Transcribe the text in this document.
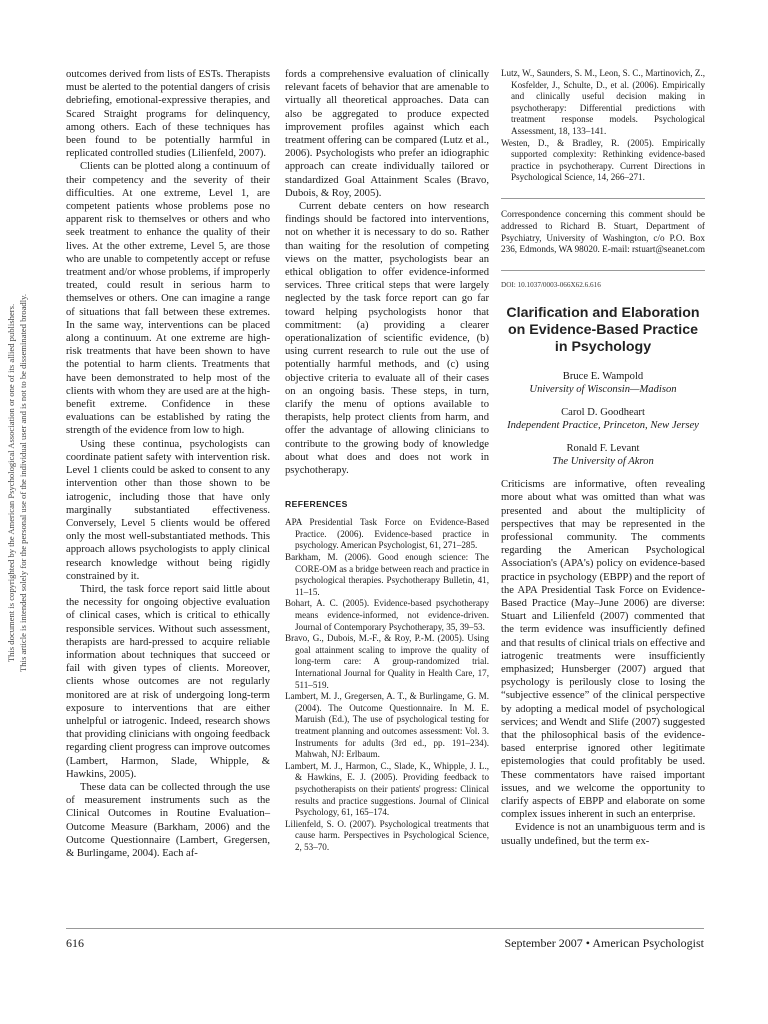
This document is copyrighted by the American Psychological Association or one of its allied publishers. This article is intended solely for the personal use of the individual user and is not to be disseminated broadly.

outcomes derived from lists of ESTs. Therapists must be alerted to the potential dangers of crisis debriefing, emotional-expressive therapies, and Scared Straight programs for delinquency, among others. Each of these techniques has been found to be potentially harmful in replicated controlled studies (Lilienfeld, 2007).

Clients can be plotted along a continuum of their competency and the severity of their difficulties. At one extreme, Level 1, are competent patients whose problems pose no apparent risk to themselves or others and who seek treatment to enhance the quality of their lives. At the other extreme, Level 5, are those who are unable to competently accept or refuse treatment and/or whose problems, if improperly treated, could result in serious harm to themselves or others. One can imagine a range of situations that fall between these extremes. In the same way, interventions can be placed along a continuum. At one extreme are high-risk treatments that have been shown to have the potential to harm clients. Treatments that have been demonstrated to help most of the clients with whom they are used are at the high-benefit extreme. Confidence in these evaluations can be established by rating the strength of the evidence from low to high.

Using these continua, psychologists can coordinate patient safety with intervention risk. Level 1 clients could be asked to consent to any intervention other than those shown to be iatrogenic, including those that have only marginally substantiated effectiveness. Conversely, Level 5 clients would be offered only the most well-substantiated methods. This approach allows psychologists to apply clinical research knowledge without being rigidly constrained by it.

Third, the task force report said little about the necessity for ongoing objective evaluation of clinical cases, which is critical to ethically responsible services. Without such assessment, therapists are hard-pressed to acquire reliable information about techniques that succeed or fail with given types of clients. Moreover, clients whose outcomes are not regularly monitored are at risk of undergoing long-term exposure to interventions that are either unhelpful or iatrogenic. Indeed, research shows that providing clinicians with ongoing feedback regarding client progress can improve outcomes (Lambert, Harmon, Slade, Whipple, & Hawkins, 2005).

These data can be collected through the use of measurement instruments such as the Clinical Outcomes in Routine Evaluation–Outcome Measure (Barkham, 2006) and the Outcome Questionnaire (Lambert, Gregersen, & Burlingame, 2004). Each af-

fords a comprehensive evaluation of clinically relevant facets of behavior that are amenable to virtually all theoretical approaches. Data can also be aggregated to produce expected improvement profiles against which each treatment offering can be compared (Lutz et al., 2006). Psychologists who prefer an idiographic approach can create individually tailored or standardized Goal Attainment Scales (Bravo, Dubois, & Roy, 2005).

Current debate centers on how research findings should be factored into interventions, not on whether it is necessary to do so. Rather than waiting for the resolution of competing views on the matter, psychologists bear an ethical obligation to offer evidence-informed services. Three critical steps that were largely neglected by the task force report can go far toward helping psychologists honor that commitment: (a) providing a clearer operationalization of scientific evidence, (b) using current research to rule out the use of potentially harmful methods, and (c) using objective criteria to evaluate all of their cases on an ongoing basis. These steps, in turn, clarify the menu of options available to therapists, help protect clients from harm, and offer the advantage of allowing clinicians to contribute to the growing body of knowledge about what does and does not work in psychotherapy.

REFERENCES

APA Presidential Task Force on Evidence-Based Practice. (2006). Evidence-based practice in psychology. American Psychologist, 61, 271–285.

Barkham, M. (2006). Good enough science: The CORE-OM as a bridge between reach and practice in psychological therapies. Psychotherapy Bulletin, 41, 11–15.

Bohart, A. C. (2005). Evidence-based psychotherapy means evidence-informed, not evidence-driven. Journal of Contemporary Psychotherapy, 35, 39–53.

Bravo, G., Dubois, M.-F., & Roy, P.-M. (2005). Using goal attainment scaling to improve the quality of long-term care: A group-randomized trial. International Journal for Quality in Health Care, 17, 511–519.

Lambert, M. J., Gregersen, A. T., & Burlingame, G. M. (2004). The Outcome Questionnaire. In M. E. Maruish (Ed.), The use of psychological testing for treatment planning and outcomes assessment: Vol. 3. Instruments for adults (3rd ed., pp. 191–234). Mahwah, NJ: Erlbaum.

Lambert, M. J., Harmon, C., Slade, K., Whipple, J. L., & Hawkins, E. J. (2005). Providing feedback to psychotherapists on their patients' progress: Clinical results and practice suggestions. Journal of Clinical Psychology, 61, 165–174.

Lilienfeld, S. O. (2007). Psychological treatments that cause harm. Perspectives in Psychological Science, 2, 53–70.

Lutz, W., Saunders, S. M., Leon, S. C., Martinovich, Z., Kosfelder, J., Schulte, D., et al. (2006). Empirically and clinically useful decision making in psychotherapy: Differential predictions with treatment response models. Psychological Assessment, 18, 133–141.

Westen, D., & Bradley, R. (2005). Empirically supported complexity: Rethinking evidence-based practice in psychotherapy. Current Directions in Psychological Science, 14, 266–271.

Correspondence concerning this comment should be addressed to Richard B. Stuart, Department of Psychiatry, University of Washington, c/o P.O. Box 236, Edmonds, WA 98020. E-mail: rstuart@seanet.com

DOI: 10.1037/0003-066X62.6.616

Clarification and Elaboration on Evidence-Based Practice in Psychology

Bruce E. Wampold

University of Wisconsin—Madison

Carol D. Goodheart

Independent Practice, Princeton, New Jersey

Ronald F. Levant

The University of Akron

Criticisms are informative, often revealing more about what was omitted than what was presented and about the multiplicity of perspectives that may be represented in the professional community. The comments regarding the American Psychological Association's (APA's) policy on evidence-based practice in psychology (EBPP) and the report of the APA Presidential Task Force on Evidence-Based Practice (May–June 2006) are diverse: Stuart and Lilienfeld (2007) commented that the term evidence was insufficiently defined and that results of clinical trials on effective and iatrogenic treatments were insufficiently emphasized; Hunsberger (2007) argued that psychology is perilously close to losing the “subjective essence” of the clinical perspective by adopting a medical model of psychological services; and Wendt and Slife (2007) suggested that the philosophical basis of the evidence-based enterprise ignored other legitimate epistemologies that could profitably be used. These commentators have raised important issues, and we welcome the opportunity to clarify aspects of EBPP and elaborate on some complex issues inherent in such an enterprise.

Evidence is not an unambiguous term and is usually undefined, but the term ex-

616	September 2007 • American Psychologist
